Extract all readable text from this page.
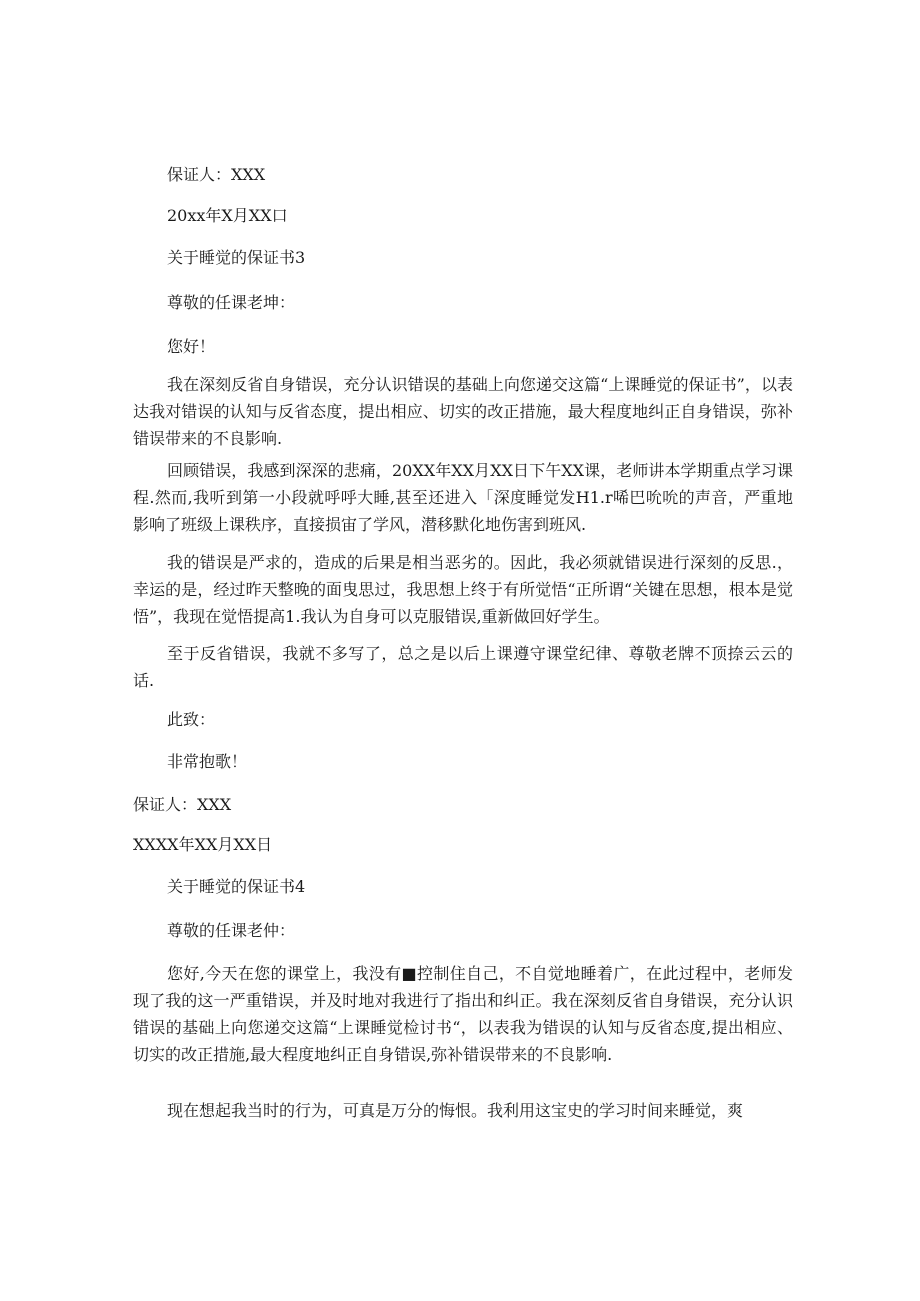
保证人：XXX
20xx年X月XX口
关于睡觉的保证书3
尊敬的任课老坤：
您好！

我在深刻反省自身错误，充分认识错误的基础上向您递交这篇“上课睡觉的保证书”，以表达我对错误的认知与反省态度，提出相应、切实的改正措施，最大程度地纠正自身错误，弥补错误带来的不良影响.

回顾错误，我感到深深的悲痛，20XX年XX月XX日下午XX课，老师讲本学期重点学习课程.然而,我听到第一小段就呼呼大睡,甚至还进入「深度睡觉发H1.r唏巴吮吮的声音，严重地影响了班级上课秩序，直接损宙了学风，潜移默化地伤害到班风.

我的错误是严求的，造成的后果是相当恶劣的。因此，我必须就错误进行深刻的反思.，幸运的是，经过昨天整晚的面曳思过，我思想上终于有所觉悟“正所谓“关键在思想，根本是觉悟”，我现在觉悟提高1.我认为自身可以克服错误,重新做回好学生。

至于反省错误，我就不多写了，总之是以后上课遵守课堂纪律、尊敬老牌不顶捺云云的话.

此致：
非常抱歌！
保证人：XXX
XXXX年XX月XX日
关于睡觉的保证书4
尊敬的任课老仲：

您好,今天在您的课堂上，我没有■控制住自己，不自觉地睡着广，在此过程中，老师发现了我的这一严重错误，并及时地对我进行了指出和纠正。我在深刻反省自身错误，充分认识错误的基础上向您递交这篇“上课睡觉检讨书“，以表我为错误的认知与反省态度,提出相应、切实的改正措施,最大程度地纠正自身错误,弥补错误带来的不良影响.

现在想起我当时的行为，可真是万分的悔恨。我利用这宝史的学习时间来睡觉，爽
